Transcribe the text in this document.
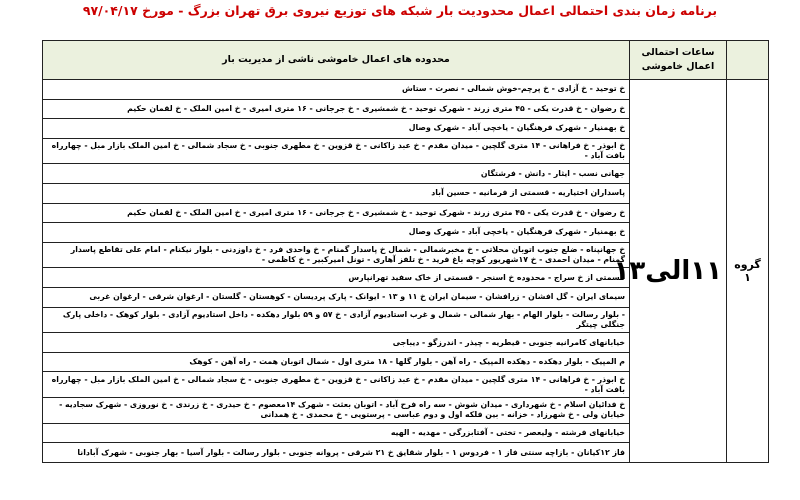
برنامه زمان بندی احتمالی اعمال محدودیت بار شبکه های توزیع نیروی برق تهران بزرگ - مورخ ۹۷/۰۴/۱۷
	ساعات احتمالی اعمال خاموشی	محدوده های اعمال خاموشی ناشی از مدیریت بار
گروه ۱	۱۱الی۱۳	خ توحید - خ آزادی - خ پرچم-خوش شمالی - نصرت - ستاش
		خ رضوان - خ قدرت یکی - ۴۵ متری زرند - شهرک توحید - خ شمشیری - خ جرجانی - ۱۶ متری امیری - خ امین الملک - خ لقمان حکیم
		خ بهمنیار - شهرک فرهنگیان - یاخچی آباد - شهرک وصال
		خ ابوذر - خ فراهانی - ۱۴ متری گلچین - میدان مقدم - خ عبد زاکانی - خ قزوین - خ مطهری جنوبی - خ سجاد شمالی - خ امین الملک بازار مبل - چهارراه بافت آباد -
		جهانی نسب - ایثار - دانش - فرشتگان
		پاسداران اختیاریه - قسمتی از فرمانیه - حسین آباد
		خ رضوان - خ قدرت یکی - ۴۵ متری زرند - شهرک توحید - خ شمشیری - خ جرجانی - ۱۶ متری امیری - خ امین الملک - خ لقمان حکیم
		خ بهمنیار - شهرک فرهنگیان - یاخچی آباد - شهرک وصال
		خ جهانپناه - ضلع جنوب اتوبان محلاتی - خ مخبرشمالی - شمال خ پاسدار گمنام - خ واحدی فرد - خ داوزدنی - بلوار نیکنام - امام علی تقاطع پاسدار گمنام - میدان احمدی - خ ۱۷شهریور کوچه باغ فرید - خ تلفز آهاری - تونل امیرکبیر - خ کاظمی -
		قسمتی از خ سراج - محدوده خ اسنجر - قسمتی از خاک سفید تهرانپارس
		سیمای ایران - گل افشان - زرافشان - سیمان ایران خ ۱۱ و ۱۳ - ایوانک - پارک پردیسان - کوهستان - گلستان - ارغوان شرقی - ارغوان غربی
		- بلوار رسالت - بلوار الهام - بهار شمالی - شمال و غرب استادیوم آزادی - خ ۵۷ و ۵۹ بلوار دهکده - داخل استادیوم آزادی - بلوار کوهک - داخلی پارک جنگلی چیتگر
		خیابانهای کامرانیه جنوبی - قیطریه - چیذر - اندرزگو - دیباجی
		م المپیک - بلوار دهکده - دهکده المپیک - راه آهن - بلوار گلها - ۱۸ متری اول - شمال اتوبان همت - راه آهن - کوهک
		خ ابوذر - خ فراهانی - ۱۴ متری گلچین - میدان مقدم - خ عبد زاکانی - خ قزوین - خ مطهری جنوبی - خ سجاد شمالی - خ امین الملک بازار مبل - چهارراه بافت آباد -
		خ فدائیان اسلام - خ شهرداری - میدان شوش - سه راه فرح آباد - اتوبان بعثت - شهرک ۱۴معصوم - خ حیدری - خ زرندی - خ نوروزی - شهرک سجادیه - خیابان ولی - خ شهرزاد - خزانه - بین فلکه اول و دوم عباسی - پرستویی - خ محمدی - خ همدانی
		خیابانهای فرشته - ولیعصر - تختی - آفتابزرگی - مهدیه - الهیه
		فاز ۱۲کیانان - بازاچه سنتی فاز ۱ - فردوس ۱ - بلوار شقایق خ ۲۱ شرقی - پروانه جنوبی - بلوار رسالت - بلوار آسیا - بهار جنوبی - شهرک آبادانا
